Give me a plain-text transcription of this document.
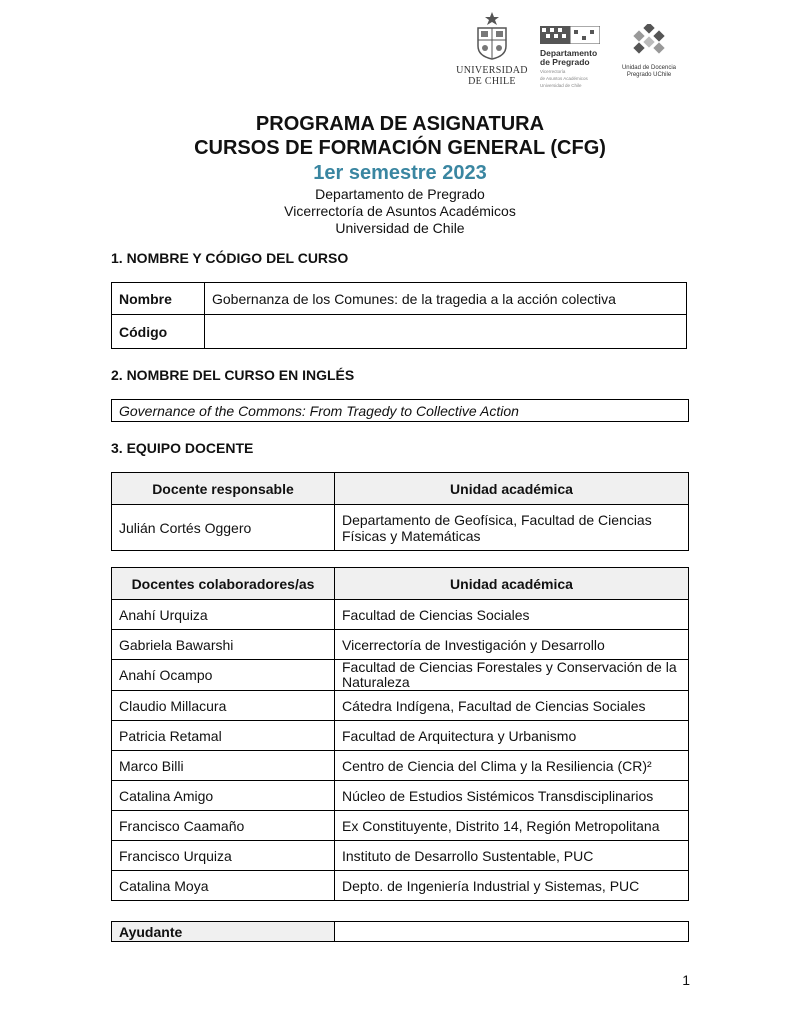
UNIVERSIDAD
DE CHILE
Departamento
de Pregrado
Vicerrectoría
de Asuntos Académicos
Universidad de Chile
Unidad de Docencia
Pregrado UChile
PROGRAMA DE ASIGNATURA
CURSOS DE FORMACIÓN GENERAL (CFG)
1er semestre 2023
Departamento de Pregrado
Vicerrectoría de Asuntos Académicos
Universidad de Chile
1. NOMBRE Y CÓDIGO DEL CURSO
Nombre	Gobernanza de los Comunes: de la tragedia a la acción colectiva
Código	
2. NOMBRE DEL CURSO EN INGLÉS
Governance of the Commons: From Tragedy to Collective Action
3. EQUIPO DOCENTE
Docente responsable	Unidad académica
Julián Cortés Oggero	Departamento de Geofísica, Facultad de Ciencias Físicas y Matemáticas
Docentes colaboradores/as	Unidad académica
Anahí Urquiza	Facultad de Ciencias Sociales
Gabriela Bawarshi	Vicerrectoría de Investigación y Desarrollo
Anahí Ocampo	Facultad de Ciencias Forestales y Conservación de la Naturaleza
Claudio Millacura	Cátedra Indígena, Facultad de Ciencias Sociales
Patricia Retamal	Facultad de Arquitectura y Urbanismo
Marco Billi	Centro de Ciencia del Clima y la Resiliencia (CR)²
Catalina Amigo	Núcleo de Estudios Sistémicos Transdisciplinarios
Francisco Caamaño	Ex Constituyente, Distrito 14, Región Metropolitana
Francisco Urquiza	Instituto de Desarrollo Sustentable, PUC
Catalina Moya	Depto. de Ingeniería Industrial y Sistemas, PUC
Ayudante	
1
